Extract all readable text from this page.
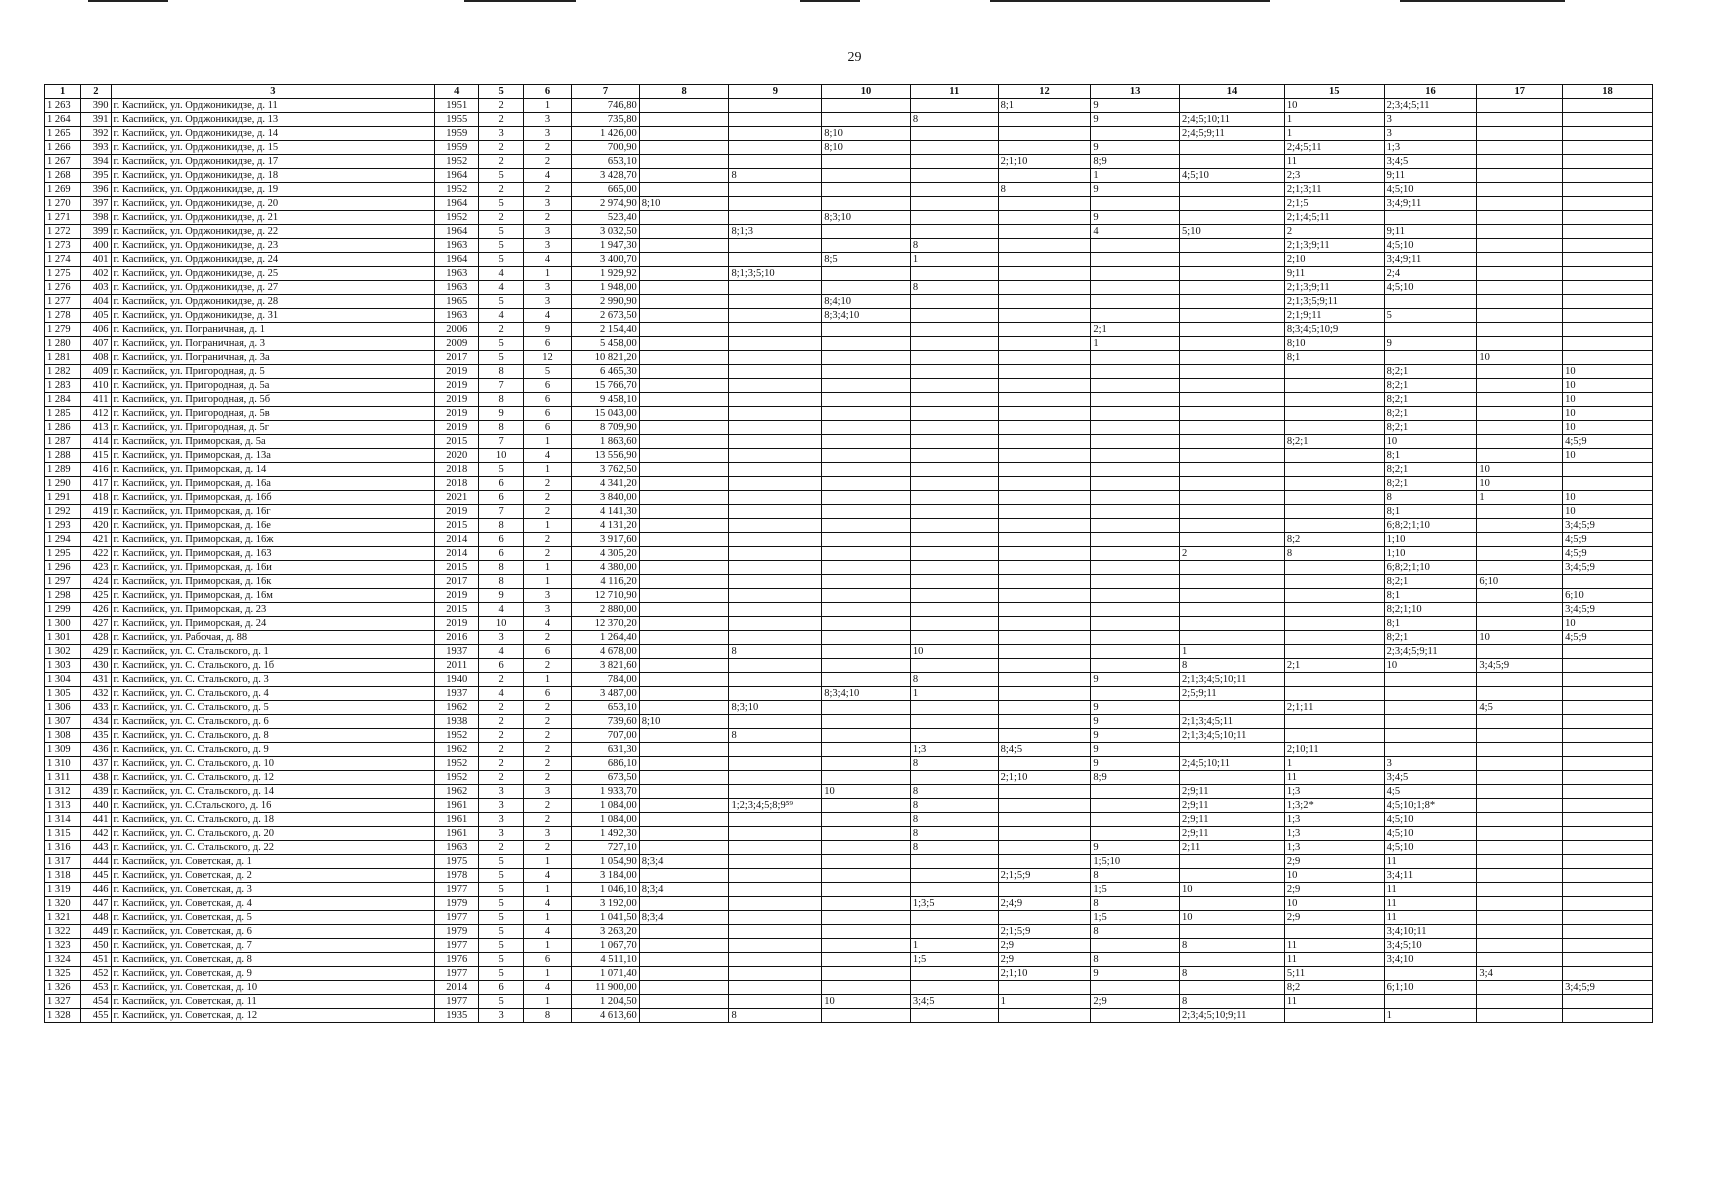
29
1	2	3	4	5	6	7	8	9	10	11	12	13	14	15	16	17	18
1 263	390	г. Каспийск, ул. Орджоникидзе, д. 11	1951	2	1	746,80					8;1	9		10	2;3;4;5;11		
1 264	391	г. Каспийск, ул. Орджоникидзе, д. 13	1955	2	3	735,80				8		9	2;4;5;10;11	1	3		
1 265	392	г. Каспийск, ул. Орджоникидзе, д. 14	1959	3	3	1 426,00			8;10				2;4;5;9;11	1	3		
1 266	393	г. Каспийск, ул. Орджоникидзе, д. 15	1959	2	2	700,90			8;10			9		2;4;5;11	1;3		
1 267	394	г. Каспийск, ул. Орджоникидзе, д. 17	1952	2	2	653,10					2;1;10	8;9		11	3;4;5		
1 268	395	г. Каспийск, ул. Орджоникидзе, д. 18	1964	5	4	3 428,70		8				1	4;5;10	2;3	9;11		
1 269	396	г. Каспийск, ул. Орджоникидзе, д. 19	1952	2	2	665,00					8	9		2;1;3;11	4;5;10		
1 270	397	г. Каспийск, ул. Орджоникидзе, д. 20	1964	5	3	2 974,90	8;10							2;1;5	3;4;9;11		
1 271	398	г. Каспийск, ул. Орджоникидзе, д. 21	1952	2	2	523,40			8;3;10			9		2;1;4;5;11			
1 272	399	г. Каспийск, ул. Орджоникидзе, д. 22	1964	5	3	3 032,50		8;1;3				4	5;10	2	9;11		
1 273	400	г. Каспийск, ул. Орджоникидзе, д. 23	1963	5	3	1 947,30				8				2;1;3;9;11	4;5;10		
1 274	401	г. Каспийск, ул. Орджоникидзе, д. 24	1964	5	4	3 400,70			8;5	1				2;10	3;4;9;11		
1 275	402	г. Каспийск, ул. Орджоникидзе, д. 25	1963	4	1	1 929,92		8;1;3;5;10						9;11	2;4		
1 276	403	г. Каспийск, ул. Орджоникидзе, д. 27	1963	4	3	1 948,00				8				2;1;3;9;11	4;5;10		
1 277	404	г. Каспийск, ул. Орджоникидзе, д. 28	1965	5	3	2 990,90			8;4;10					2;1;3;5;9;11			
1 278	405	г. Каспийск, ул. Орджоникидзе, д. 31	1963	4	4	2 673,50			8;3;4;10					2;1;9;11	5		
1 279	406	г. Каспийск, ул. Пограничная, д. 1	2006	2	9	2 154,40						2;1		8;3;4;5;10;9			
1 280	407	г. Каспийск, ул. Пограничная, д. 3	2009	5	6	5 458,00						1		8;10	9		
1 281	408	г. Каспийск, ул. Пограничная, д. 3а	2017	5	12	10 821,20								8;1		10	
1 282	409	г. Каспийск, ул. Пригородная, д. 5	2019	8	5	6 465,30									8;2;1		10
1 283	410	г. Каспийск, ул. Пригородная, д. 5а	2019	7	6	15 766,70									8;2;1		10
1 284	411	г. Каспийск, ул. Пригородная, д. 5б	2019	8	6	9 458,10									8;2;1		10
1 285	412	г. Каспийск, ул. Пригородная, д. 5в	2019	9	6	15 043,00									8;2;1		10
1 286	413	г. Каспийск, ул. Пригородная, д. 5г	2019	8	6	8 709,90									8;2;1		10
1 287	414	г. Каспийск, ул. Приморская, д. 5а	2015	7	1	1 863,60								8;2;1	10		4;5;9
1 288	415	г. Каспийск, ул. Приморская, д. 13а	2020	10	4	13 556,90									8;1		10
1 289	416	г. Каспийск, ул. Приморская, д. 14	2018	5	1	3 762,50									8;2;1	10	
1 290	417	г. Каспийск, ул. Приморская, д. 16а	2018	6	2	4 341,20									8;2;1	10	
1 291	418	г. Каспийск, ул. Приморская, д. 16б	2021	6	2	3 840,00									8	1	10
1 292	419	г. Каспийск, ул. Приморская, д. 16г	2019	7	2	4 141,30									8;1		10
1 293	420	г. Каспийск, ул. Приморская, д. 16е	2015	8	1	4 131,20									6;8;2;1;10		3;4;5;9
1 294	421	г. Каспийск, ул. Приморская, д. 16ж	2014	6	2	3 917,60								8;2	1;10		4;5;9
1 295	422	г. Каспийск, ул. Приморская, д. 163	2014	6	2	4 305,20							2	8	1;10		4;5;9
1 296	423	г. Каспийск, ул. Приморская, д. 16и	2015	8	1	4 380,00									6;8;2;1;10		3;4;5;9
1 297	424	г. Каспийск, ул. Приморская, д. 16к	2017	8	1	4 116,20									8;2;1	6;10	
1 298	425	г. Каспийск, ул. Приморская, д. 16м	2019	9	3	12 710,90									8;1		6;10
1 299	426	г. Каспийск, ул. Приморская, д. 23	2015	4	3	2 880,00									8;2;1;10		3;4;5;9
1 300	427	г. Каспийск, ул. Приморская, д. 24	2019	10	4	12 370,20									8;1		10
1 301	428	г. Каспийск, ул. Рабочая, д. 88	2016	3	2	1 264,40									8;2;1	10	4;5;9
1 302	429	г. Каспийск, ул. С. Стальского, д. 1	1937	4	6	4 678,00		8		10			1		2;3;4;5;9;11		
1 303	430	г. Каспийск, ул. С. Стальского, д. 1б	2011	6	2	3 821,60							8	2;1	10	3;4;5;9	
1 304	431	г. Каспийск, ул. С. Стальского, д. 3	1940	2	1	784,00				8		9	2;1;3;4;5;10;11				
1 305	432	г. Каспийск, ул. С. Стальского, д. 4	1937	4	6	3 487,00			8;3;4;10	1			2;5;9;11				
1 306	433	г. Каспийск, ул. С. Стальского, д. 5	1962	2	2	653,10		8;3;10				9		2;1;11		4;5	
1 307	434	г. Каспийск, ул. С. Стальского, д. 6	1938	2	2	739,60	8;10					9	2;1;3;4;5;11				
1 308	435	г. Каспийск, ул. С. Стальского, д. 8	1952	2	2	707,00		8				9	2;1;3;4;5;10;11				
1 309	436	г. Каспийск, ул. С. Стальского, д. 9	1962	2	2	631,30				1;3	8;4;5	9		2;10;11			
1 310	437	г. Каспийск, ул. С. Стальского, д. 10	1952	2	2	686,10				8		9	2;4;5;10;11	1	3		
1 311	438	г. Каспийск, ул. С. Стальского, д. 12	1952	2	2	673,50					2;1;10	8;9		11	3;4;5		
1 312	439	г. Каспийск, ул. С. Стальского, д. 14	1962	3	3	1 933,70			10	8			2;9;11	1;3	4;5		
1 313	440	г. Каспийск, ул. С.Стальского, д. 16	1961	3	2	1 084,00		1;2;3;4;5;8;9⁵⁹		8			2;9;11	1;3;2*	4;5;10;1;8*		
1 314	441	г. Каспийск, ул. С. Стальского, д. 18	1961	3	2	1 084,00				8			2;9;11	1;3	4;5;10		
1 315	442	г. Каспийск, ул. С. Стальского, д. 20	1961	3	3	1 492,30				8			2;9;11	1;3	4;5;10		
1 316	443	г. Каспийск, ул. С. Стальского, д. 22	1963	2	2	727,10				8		9	2;11	1;3	4;5;10		
1 317	444	г. Каспийск, ул. Советская, д. 1	1975	5	1	1 054,90	8;3;4					1;5;10		2;9	11		
1 318	445	г. Каспийск, ул. Советская, д. 2	1978	5	4	3 184,00					2;1;5;9	8		10	3;4;11		
1 319	446	г. Каспийск, ул. Советская, д. 3	1977	5	1	1 046,10	8;3;4					1;5	10	2;9	11		
1 320	447	г. Каспийск, ул. Советская, д. 4	1979	5	4	3 192,00				1;3;5	2;4;9	8		10	11		
1 321	448	г. Каспийск, ул. Советская, д. 5	1977	5	1	1 041,50	8;3;4					1;5	10	2;9	11		
1 322	449	г. Каспийск, ул. Советская, д. 6	1979	5	4	3 263,20					2;1;5;9	8			3;4;10;11		
1 323	450	г. Каспийск, ул. Советская, д. 7	1977	5	1	1 067,70				1	2;9		8	11	3;4;5;10		
1 324	451	г. Каспийск, ул. Советская, д. 8	1976	5	6	4 511,10				1;5	2;9	8		11	3;4;10		
1 325	452	г. Каспийск, ул. Советская, д. 9	1977	5	1	1 071,40					2;1;10	9	8	5;11		3;4	
1 326	453	г. Каспийск, ул. Советская, д. 10	2014	6	4	11 900,00								8;2	6;1;10		3;4;5;9
1 327	454	г. Каспийск, ул. Советская, д. 11	1977	5	1	1 204,50			10	3;4;5	1	2;9	8	11			
1 328	455	г. Каспийск, ул. Советская, д. 12	1935	3	8	4 613,60		8					2;3;4;5;10;9;11		1		
